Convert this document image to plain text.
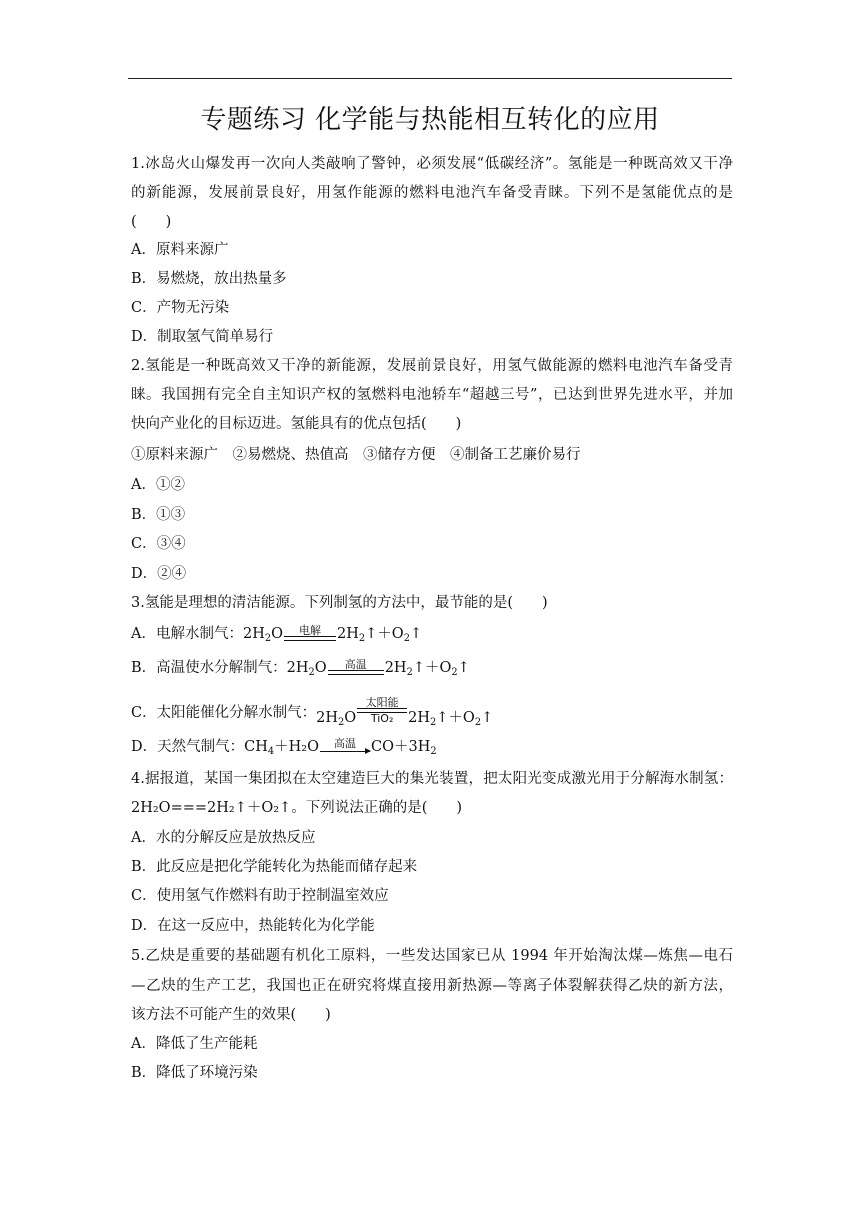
专题练习 化学能与热能相互转化的应用
1.冰岛火山爆发再一次向人类敲响了警钟，必须发展“低碳经济”。氢能是一种既高效又干净
的新能源，发展前景良好，用氢作能源的燃料电池汽车备受青睐。下列不是氢能优点的是
(　　)
A．原料来源广
B．易燃烧，放出热量多
C．产物无污染
D．制取氢气简单易行
2.氢能是一种既高效又干净的新能源，发展前景良好，用氢气做能源的燃料电池汽车备受青
睐。我国拥有完全自主知识产权的氢燃料电池轿车“超越三号”，已达到世界先进水平，并加
快向产业化的目标迈进。氢能具有的优点包括(　　)
①原料来源广　②易燃烧、热值高　③储存方便　④制备工艺廉价易行
A．①②
B．①③
C．③④
D．②④
3.氢能是理想的清洁能源。下列制氢的方法中，最节能的是(　　)
A．电解水制气：$2H_2O$	电解	$2H_2↑+O_2↑$
B．高温使水分解制气：$2H_2O$	高温	$2H_2↑+O_2↑$
C．太阳能催化分解水制气：$2H_2O$
太阳能
TiO₂	$2H_2↑+O_2↑$
D．天然气制气：$CH_4+H_2O$	高温	$CO+3H_2$
4.据报道，某国一集团拟在太空建造巨大的集光装置，把太阳光变成激光用于分解海水制氢：
2H₂O===2H₂↑＋O₂↑。下列说法正确的是(　　)
A．水的分解反应是放热反应
B．此反应是把化学能转化为热能而储存起来
C．使用氢气作燃料有助于控制温室效应
D．在这一反应中，热能转化为化学能
5.乙炔是重要的基础题有机化工原料，一些发达国家已从 1994 年开始淘汰煤—炼焦—电石
—乙炔的生产工艺，我国也正在研究将煤直接用新热源—等离子体裂解获得乙炔的新方法，
该方法不可能产生的效果(　　)
A．降低了生产能耗
B．降低了环境污染
